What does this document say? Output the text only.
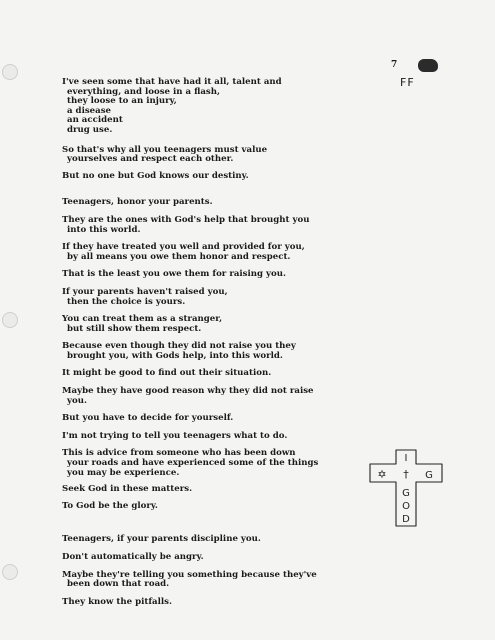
7
FF

I've seen some that have had it all, talent and
everything, and loose in a flash,
they loose to an injury,
a disease
an accident
drug use.

So that's why all you teenagers must value
yourselves and respect each other.

But no one but God knows our destiny.

Teenagers, honor your parents.

They are the ones with God's help that brought you
into this world.

If they have treated you well and provided for you,
by all means you owe them honor and respect.

That is the least you owe them for raising you.

If your parents haven't raised you,
then the choice is yours.

You can treat them as a stranger,
but still show them respect.

Because even though they did not raise you they
brought you, with Gods help, into this world.

It might be good to find out their situation.

Maybe they have good reason why they did not raise
you.

But you have to decide for yourself.

I'm not trying to tell you teenagers what to do.

This is advice from someone who has been down
your roads and have experienced some of the things
you may be experience.

Seek God in these matters.

To God be the glory.

Teenagers, if your parents discipline you.

Don't automatically be angry.

Maybe they're telling you something because they've
been down that road.

They know the pitfalls.

I
✡	G
†
G
O
D
